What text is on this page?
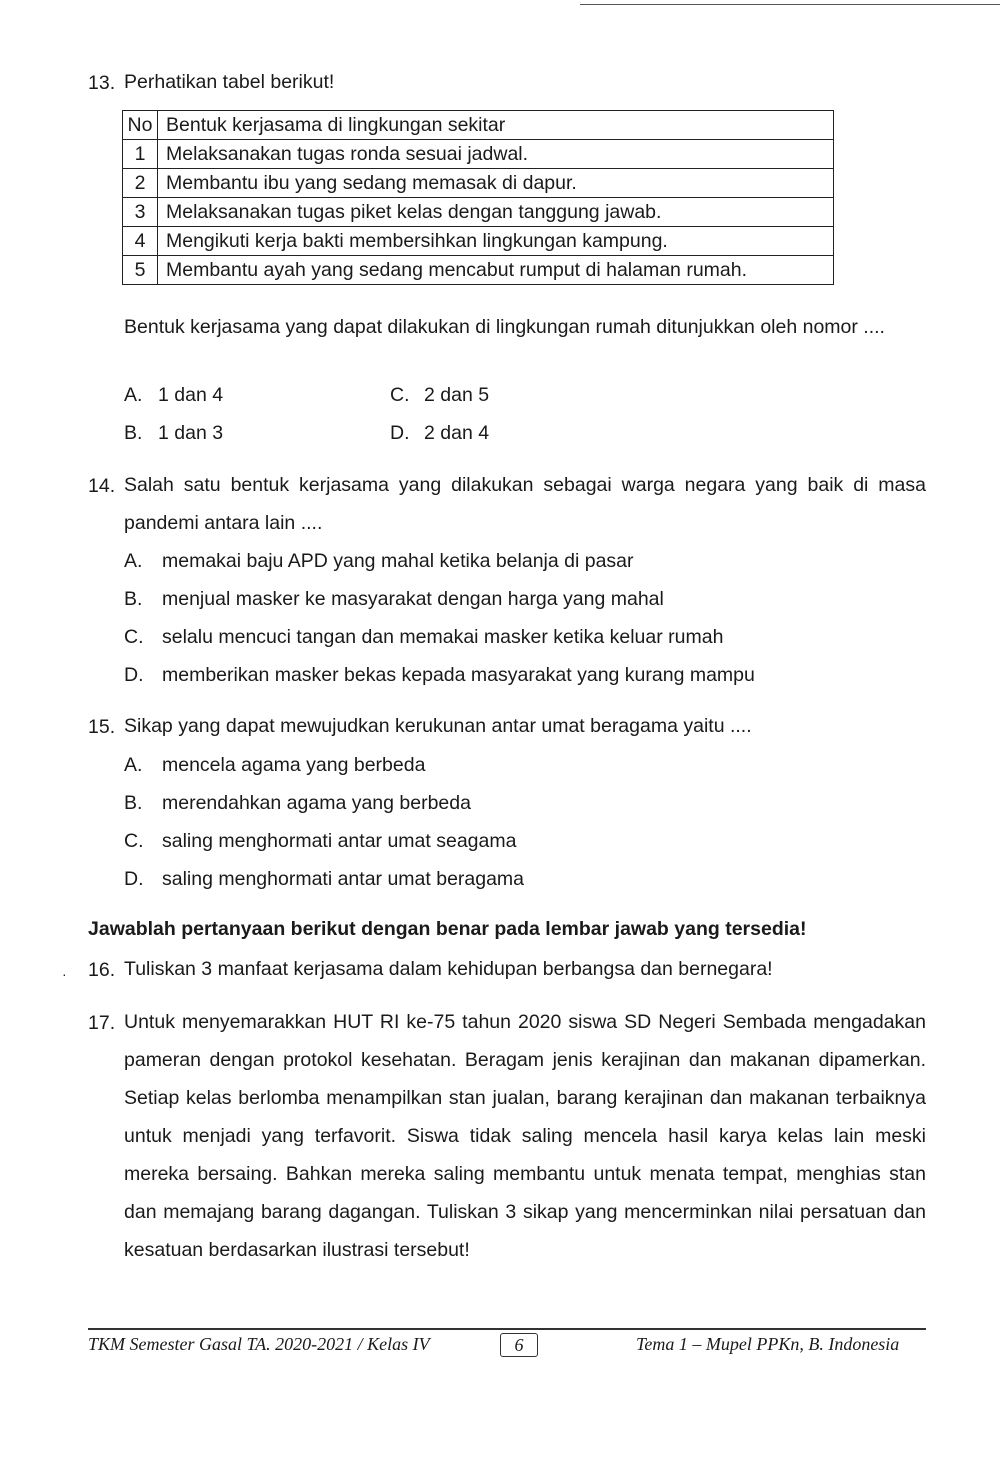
13. Perhatikan tabel berikut!
No	Bentuk kerjasama di lingkungan sekitar
1	Melaksanakan tugas ronda sesuai jadwal.
2	Membantu ibu yang sedang memasak di dapur.
3	Melaksanakan tugas piket kelas dengan tanggung jawab.
4	Mengikuti kerja bakti membersihkan lingkungan kampung.
5	Membantu ayah yang sedang mencabut rumput di halaman rumah.
Bentuk kerjasama yang dapat dilakukan di lingkungan rumah ditunjukkan oleh nomor ....
A. 1 dan 4
B. 1 dan 3
C. 2 dan 5
D. 2 dan 4
14. Salah satu bentuk kerjasama yang dilakukan sebagai warga negara yang baik di masa pandemi antara lain ....
A. memakai baju APD yang mahal ketika belanja di pasar
B. menjual masker ke masyarakat dengan harga yang mahal
C. selalu mencuci tangan dan memakai masker ketika keluar rumah
D. memberikan masker bekas kepada masyarakat yang kurang mampu
15. Sikap yang dapat mewujudkan kerukunan antar umat beragama yaitu ....
A. mencela agama yang berbeda
B. merendahkan agama yang berbeda
C. saling menghormati antar umat seagama
D. saling menghormati antar umat beragama
Jawablah pertanyaan berikut dengan benar pada lembar jawab yang tersedia!
· 16. Tuliskan 3 manfaat kerjasama dalam kehidupan berbangsa dan bernegara!
17. Untuk menyemarakkan HUT RI ke-75 tahun 2020 siswa SD Negeri Sembada mengadakan pameran dengan protokol kesehatan. Beragam jenis kerajinan dan makanan dipamerkan. Setiap kelas berlomba menampilkan stan jualan, barang kerajinan dan makanan terbaiknya untuk menjadi yang terfavorit. Siswa tidak saling mencela hasil karya kelas lain meski mereka bersaing. Bahkan mereka saling membantu untuk menata tempat, menghias stan dan memajang barang dagangan. Tuliskan 3 sikap yang mencerminkan nilai persatuan dan kesatuan berdasarkan ilustrasi tersebut!
TKM Semester Gasal TA. 2020-2021 / Kelas IV	6	Tema 1 – Mupel PPKn, B. Indonesia
